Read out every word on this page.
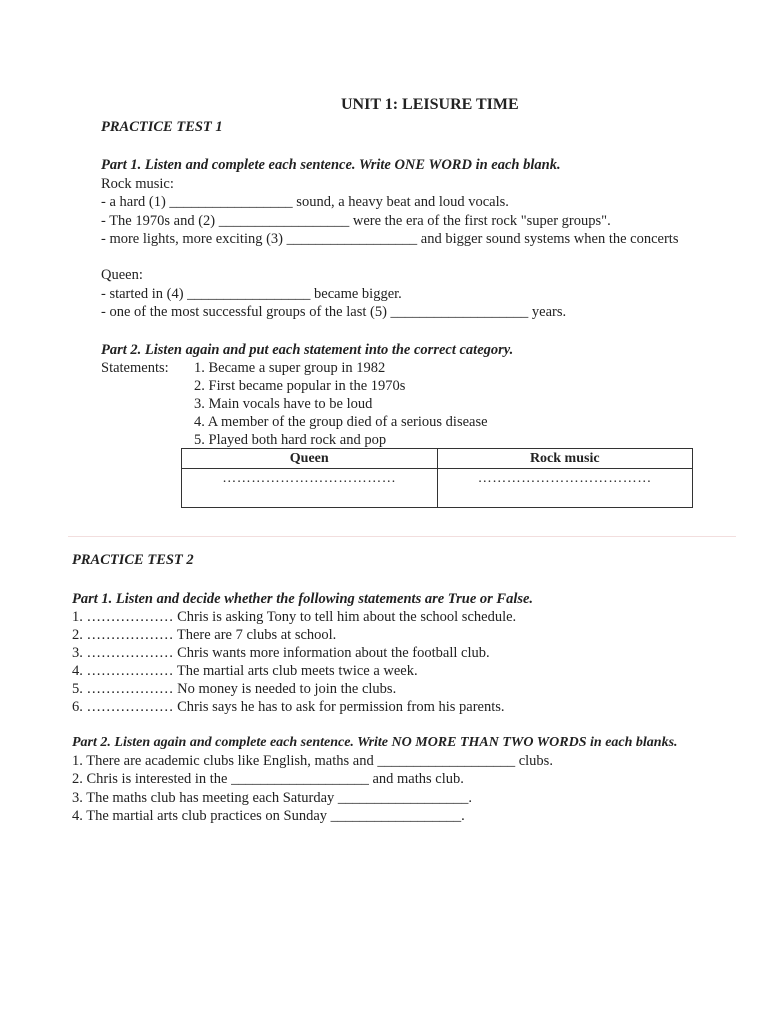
UNIT 1: LEISURE TIME
PRACTICE TEST 1
Part 1. Listen and complete each sentence. Write ONE WORD in each blank.
Rock music:
- a hard (1) _________________ sound, a heavy beat and loud vocals.
- The 1970s and (2) __________________ were the era of the first rock "super groups".
- more lights, more exciting (3) __________________ and bigger sound systems when the concerts
Queen:
- started in (4) _________________ became bigger.
- one of the most successful groups of the last (5) ___________________ years.
Part 2. Listen again and put each statement into the correct category.
Statements: 1. Became a super group in 1982
2. First became popular in the 1970s
3. Main vocals have to be loud
4. A member of the group died of a serious disease
5. Played both hard rock and pop
Queen	Rock music
………………………………	………………………………
PRACTICE TEST 2
Part 1. Listen and decide whether the following statements are True or False.
1. ……………… Chris is asking Tony to tell him about the school schedule.
2. ……………… There are 7 clubs at school.
3. ……………… Chris wants more information about the football club.
4. ……………… The martial arts club meets twice a week.
5. ……………… No money is needed to join the clubs.
6. ……………… Chris says he has to ask for permission from his parents.
Part 2. Listen again and complete each sentence. Write NO MORE THAN TWO WORDS in each blanks.
1. There are academic clubs like English, maths and ___________________ clubs.
2. Chris is interested in the ___________________ and maths club.
3. The maths club has meeting each Saturday __________________.
4. The martial arts club practices on Sunday __________________.
